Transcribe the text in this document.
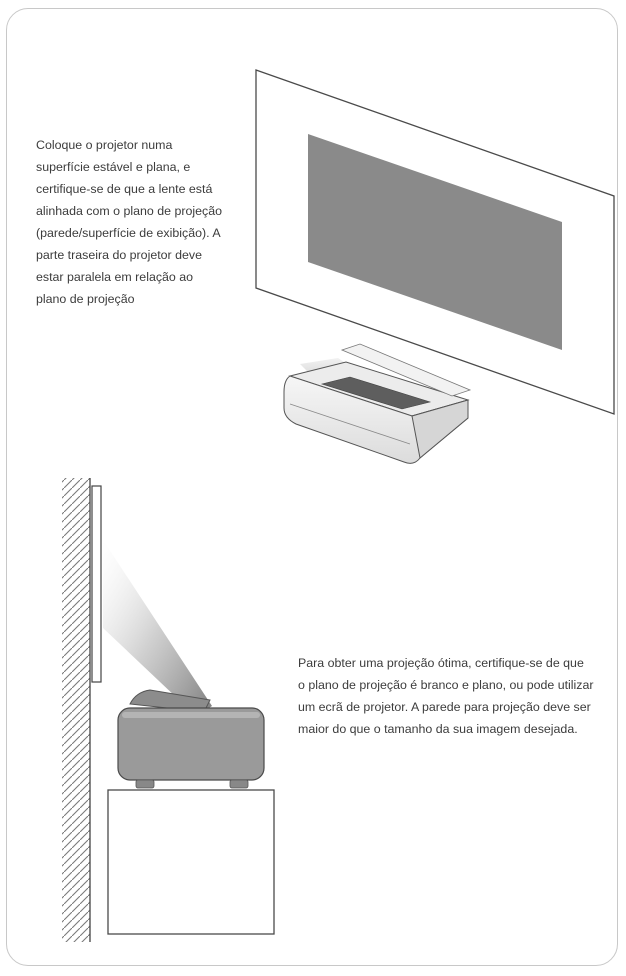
Coloque o projetor numa superfície estável e plana, e certifique-se de que a lente está alinhada com o plano de projeção (parede/superfície de exibição). A parte traseira do projetor deve estar paralela em relação ao plano de projeção

Para obter uma projeção ótima, certifique-se de que o plano de projeção é branco e plano, ou pode utilizar um ecrã de projetor. A parede para projeção deve ser maior do que o tamanho da sua imagem desejada.
